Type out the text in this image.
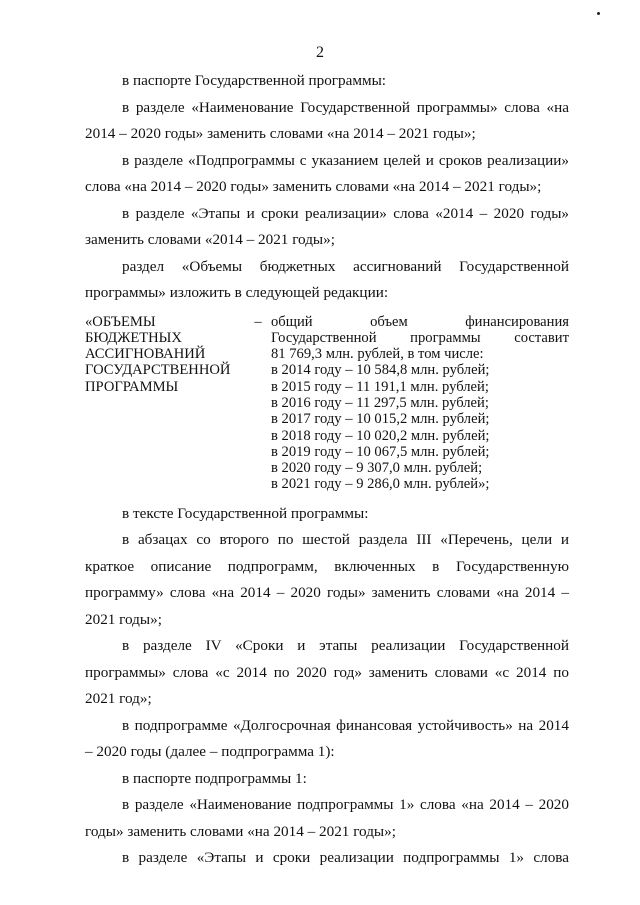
2

в паспорте Государственной программы:

в разделе «Наименование Государственной программы» слова «на 2014 – 2020 годы» заменить словами «на 2014 – 2021 годы»;

в разделе «Подпрограммы с указанием целей и сроков реализации» слова «на 2014 – 2020 годы» заменить словами «на 2014 – 2021 годы»;

в разделе «Этапы и сроки реализации» слова «2014 – 2020 годы» заменить словами «2014 – 2021 годы»;

раздел «Объемы бюджетных ассигнований Государственной программы» изложить в следующей редакции:

«ОБЪЕМЫ
БЮДЖЕТНЫХ
АССИГНОВАНИЙ
ГОСУДАРСТВЕННОЙ
ПРОГРАММЫ
– общий	объем	финансирования
Государственной программы составит
81 769,3 млн. рублей, в том числе:
в 2014 году – 10 584,8 млн. рублей;
в 2015 году – 11 191,1 млн. рублей;
в 2016 году – 11 297,5 млн. рублей;
в 2017 году – 10 015,2 млн. рублей;
в 2018 году – 10 020,2 млн. рублей;
в 2019 году – 10 067,5 млн. рублей;
в 2020 году – 9 307,0 млн. рублей;
в 2021 году – 9 286,0 млн. рублей»;

в тексте Государственной программы:

в абзацах со второго по шестой раздела III «Перечень, цели и краткое описание подпрограмм, включенных в Государственную программу» слова «на 2014 – 2020 годы» заменить словами «на 2014 – 2021 годы»;

в разделе IV «Сроки и этапы реализации Государственной программы» слова «с 2014 по 2020 год» заменить словами «с 2014 по 2021 год»;

в подпрограмме «Долгосрочная финансовая устойчивость» на 2014 – 2020 годы (далее – подпрограмма 1):

в паспорте подпрограммы 1:

в разделе «Наименование подпрограммы 1» слова «на 2014 – 2020 годы» заменить словами «на 2014 – 2021 годы»;

в разделе «Этапы и сроки реализации подпрограммы 1» слова
